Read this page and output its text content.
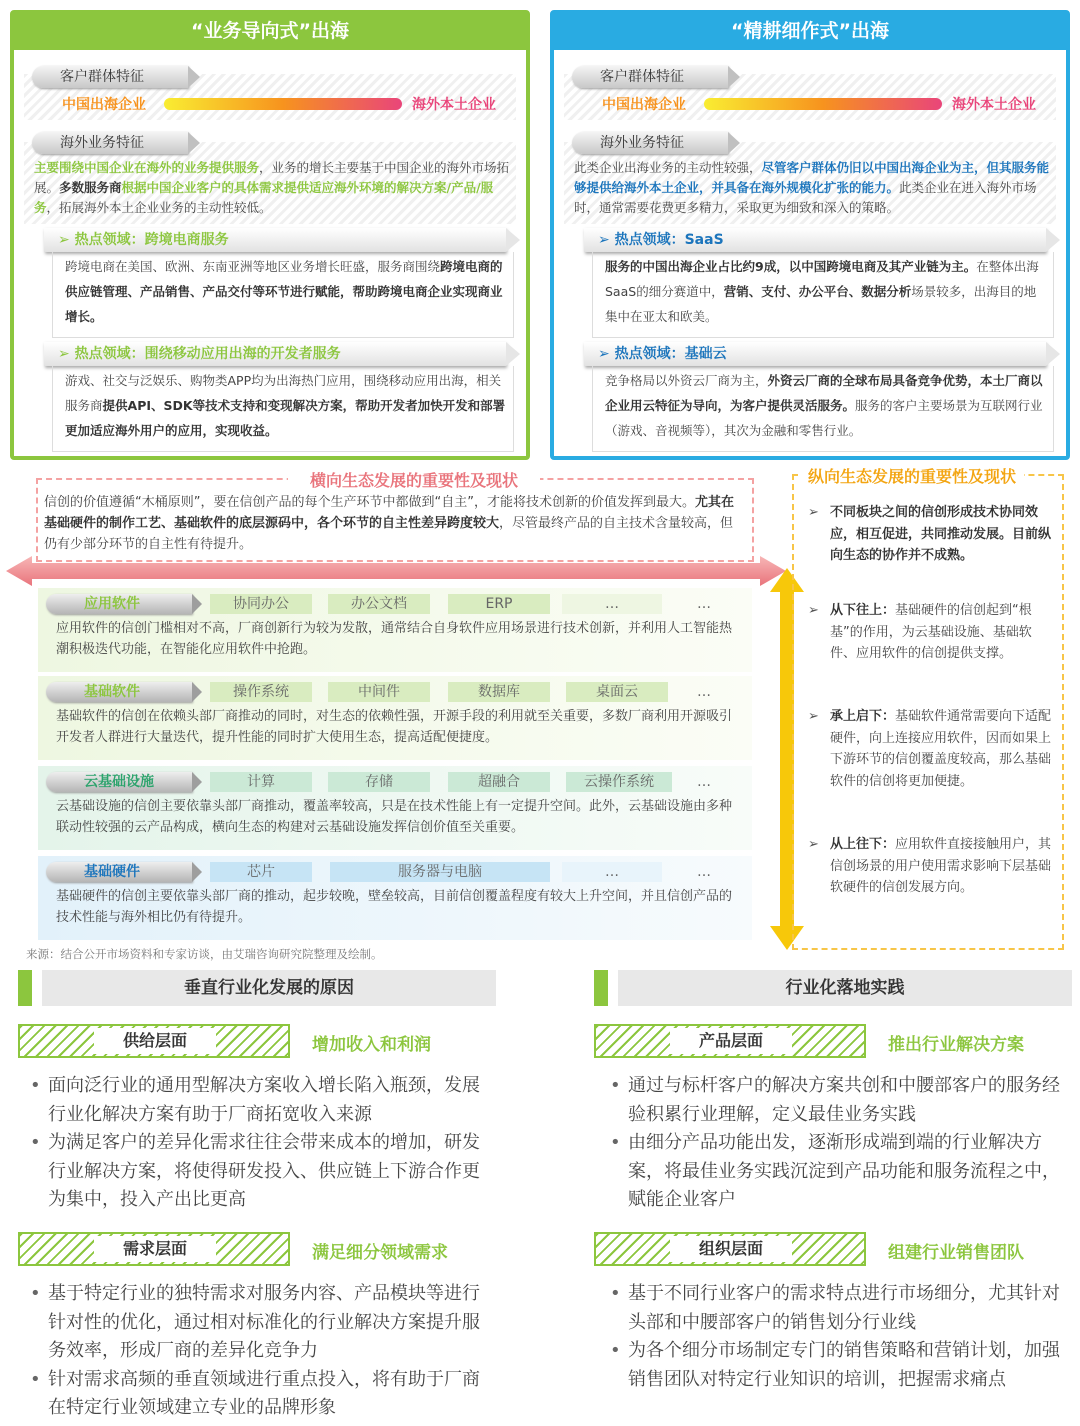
“业务导向式”出海
客户群体特征
中国出海企业	海外本土企业
海外业务特征
主要围绕中国企业在海外的业务提供服务，业务的增长主要基于中国企业的海外市场拓展。多数服务商根据中国企业客户的具体需求提供适应海外环境的解决方案/产品/服务，拓展海外本土企业业务的主动性较低。
➢ 热点领域：跨境电商服务
跨境电商在美国、欧洲、东南亚洲等地区业务增长旺盛，服务商围绕跨境电商的供应链管理、产品销售、产品交付等环节进行赋能，帮助跨境电商企业实现商业增长。
➢ 热点领域：围绕移动应用出海的开发者服务
游戏、社交与泛娱乐、购物类APP均为出海热门应用，围绕移动应用出海，相关服务商提供API、SDK等技术支持和变现解决方案，帮助开发者加快开发和部署更加适应海外用户的应用，实现收益。
“精耕细作式”出海
客户群体特征
中国出海企业	海外本土企业
海外业务特征
此类企业出海业务的主动性较强，尽管客户群体仍旧以中国出海企业为主，但其服务能够提供给海外本土企业，并具备在海外规模化扩张的能力。此类企业在进入海外市场时，通常需要花费更多精力，采取更为细致和深入的策略。
➢ 热点领域：SaaS
服务的中国出海企业占比约9成，以中国跨境电商及其产业链为主。在整体出海SaaS的细分赛道中，营销、支付、办公平台、数据分析场景较多，出海目的地集中在亚太和欧美。
➢ 热点领域：基础云
竞争格局以外资云厂商为主，外资云厂商的全球布局具备竞争优势，本土厂商以企业用云特征为导向，为客户提供灵活服务。服务的客户主要场景为互联网行业（游戏、音视频等），其次为金融和零售行业。
横向生态发展的重要性及现状
信创的价值遵循“木桶原则”，要在信创产品的每个生产环节中都做到“自主”，才能将技术创新的价值发挥到最大。尤其在基础硬件的制作工艺、基础软件的底层源码中，各个环节的自主性差异跨度较大，尽管最终产品的自主技术含量较高，但仍有少部分环节的自主性有待提升。
应用软件	协同办公	办公文档	ERP	…	…
应用软件的信创门槛相对不高，厂商创新行为较为发散，通常结合自身软件应用场景进行技术创新，并利用人工智能热潮积极迭代功能，在智能化应用软件中抢跑。
基础软件	操作系统	中间件	数据库	桌面云	…
基础软件的信创在依赖头部厂商推动的同时，对生态的依赖性强，开源手段的利用就至关重要，多数厂商利用开源吸引开发者人群进行大量迭代，提升性能的同时扩大使用生态，提高适配便捷度。
云基础设施	计算	存储	超融合	云操作系统	…
云基础设施的信创主要依靠头部厂商推动，覆盖率较高，只是在技术性能上有一定提升空间。此外，云基础设施由多种联动性较强的云产品构成，横向生态的构建对云基础设施发挥信创价值至关重要。
基础硬件	芯片	服务器与电脑	…	…
基础硬件的信创主要依靠头部厂商的推动，起步较晚，壁垒较高，目前信创覆盖程度有较大上升空间，并且信创产品的技术性能与海外相比仍有待提升。
纵向生态发展的重要性及现状
➢ 不同板块之间的信创形成技术协同效应，相互促进，共同推动发展。目前纵向生态的协作并不成熟。
➢ 从下往上：基础硬件的信创起到“根基”的作用，为云基础设施、基础软件、应用软件的信创提供支撑。
➢ 承上启下：基础软件通常需要向下适配硬件，向上连接应用软件，因而如果上下游环节的信创覆盖度较高，那么基础软件的信创将更加便捷。
➢ 从上往下：应用软件直接接触用户，其信创场景的用户使用需求影响下层基础软硬件的信创发展方向。
来源：结合公开市场资料和专家访谈，由艾瑞咨询研究院整理及绘制。
垂直行业化发展的原因
供给层面	增加收入和利润
• 面向泛行业的通用型解决方案收入增长陷入瓶颈，发展行业化解决方案有助于厂商拓宽收入来源
• 为满足客户的差异化需求往往会带来成本的增加，研发行业解决方案，将使得研发投入、供应链上下游合作更为集中，投入产出比更高
需求层面	满足细分领域需求
• 基于特定行业的独特需求对服务内容、产品模块等进行针对性的优化，通过相对标准化的行业解决方案提升服务效率，形成厂商的差异化竞争力
• 针对需求高频的垂直领域进行重点投入，将有助于厂商在特定行业领域建立专业的品牌形象
行业化落地实践
产品层面	推出行业解决方案
• 通过与标杆客户的解决方案共创和中腰部客户的服务经验积累行业理解，定义最佳业务实践
• 由细分产品功能出发，逐渐形成端到端的行业解决方案，将最佳业务实践沉淀到产品功能和服务流程之中，赋能企业客户
组织层面	组建行业销售团队
• 基于不同行业客户的需求特点进行市场细分，尤其针对头部和中腰部客户的销售划分行业线
• 为各个细分市场制定专门的销售策略和营销计划，加强销售团队对特定行业知识的培训，把握需求痛点
